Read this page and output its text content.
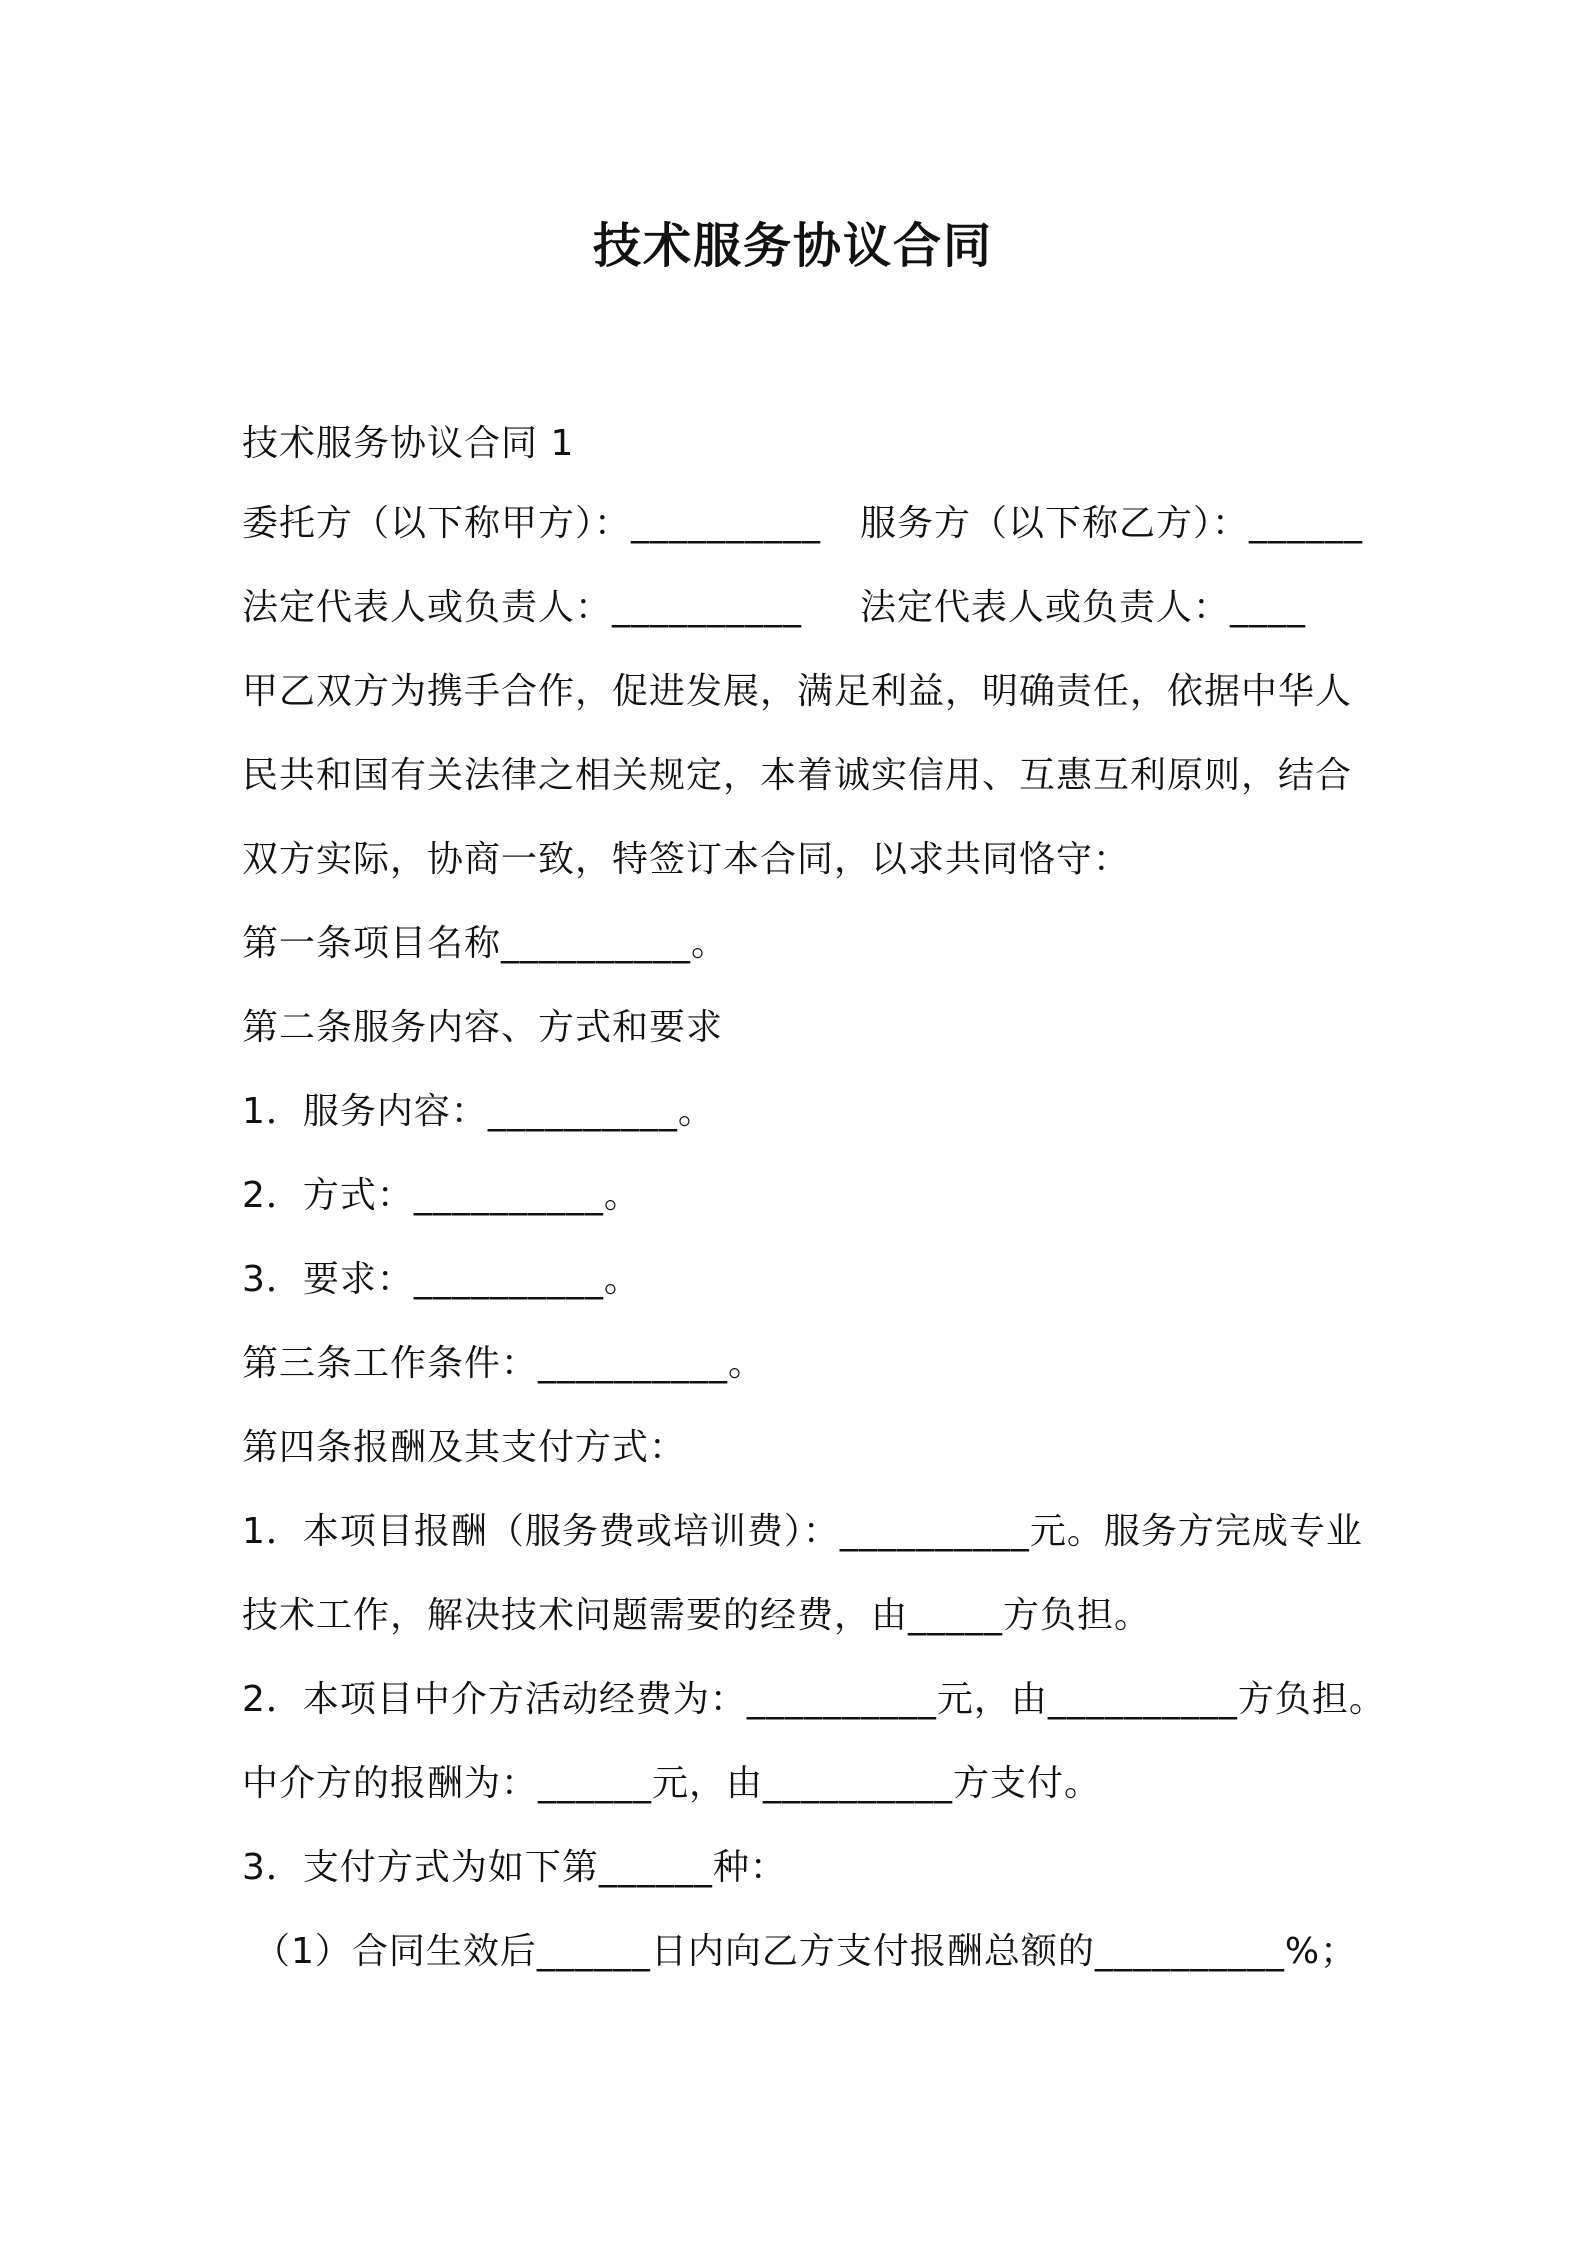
技术服务协议合同
技术服务协议合同 1
委托方（以下称甲方）：__________ 服务方（以下称乙方）：______
法定代表人或负责人：__________ 法定代表人或负责人：____
甲乙双方为携手合作，促进发展，满足利益，明确责任，依据中华人
民共和国有关法律之相关规定，本着诚实信用、互惠互利原则，结合
双方实际，协商一致，特签订本合同，以求共同恪守：
第一条项目名称__________。
第二条服务内容、方式和要求
1．服务内容：__________。
2．方式：__________。
3．要求：__________。
第三条工作条件：__________。
第四条报酬及其支付方式：
1．本项目报酬（服务费或培训费）：__________元。服务方完成专业
技术工作，解决技术问题需要的经费，由_____方负担。
2．本项目中介方活动经费为：__________元，由__________方负担。
中介方的报酬为：______元，由__________方支付。
3．支付方式为如下第______种：
（1）合同生效后______日内向乙方支付报酬总额的__________%；
